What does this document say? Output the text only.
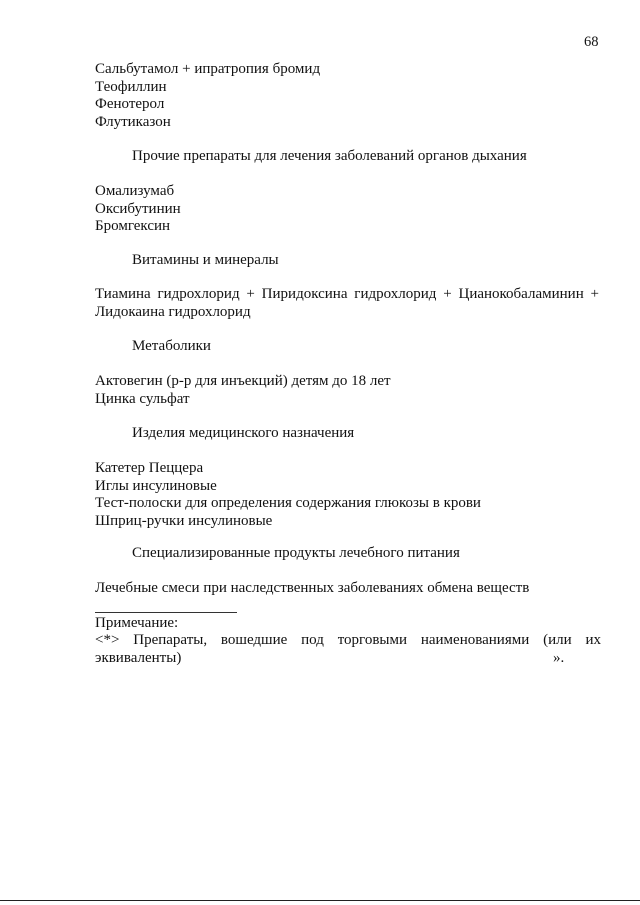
68
Сальбутамол + ипратропия бромид
Теофиллин
Фенотерол
Флутиказон
Прочие препараты для лечения заболеваний органов дыхания
Омализумаб
Оксибутинин
Бромгексин
Витамины и минералы
Тиамина гидрохлорид + Пиридоксина гидрохлорид + Цианокобаламинин +
Лидокаина гидрохлорид
Метаболики
Актовегин (р-р для инъекций) детям до 18 лет
Цинка сульфат
Изделия медицинского назначения
Катетер Пеццера
Иглы инсулиновые
Тест-полоски для определения содержания глюкозы в крови
Шприц-ручки инсулиновые
Специализированные продукты лечебного питания
Лечебные смеси при наследственных заболеваниях обмена веществ
Примечание:
<*> Препараты, вошедшие под торговыми наименованиями (или их
эквиваленты)	».
